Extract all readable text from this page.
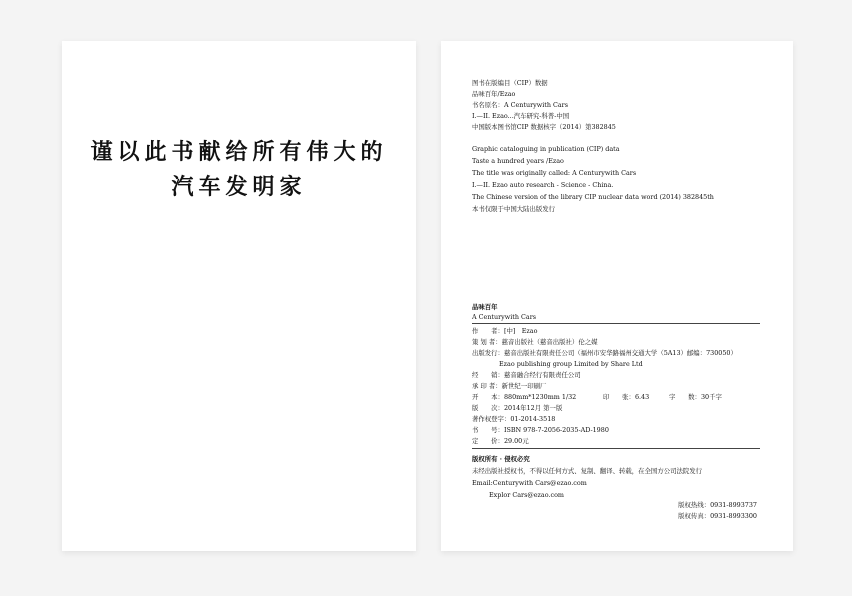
谨以此书献给所有伟大的
汽车发明家
图书在版编目（CIP）数据
品味百年/Ezao
书名原名：A Centurywith Cars
I.—II. Ezao...汽车研究-科普-中国
中国版本图书馆CIP 数据核字（2014）第382845
Graphic cataloguing in publication (CIP) data
Taste a hundred years /Ezao
The title was originally called: A Centurywith Cars
I.—II. Ezao auto research - Science - China.
The Chinese version of the library CIP nuclear data word (2014) 382845th
本书仅限于中国大陆出版发行
品味百年
A Centurywith Cars
作　　者：[中]　Ezao
策 划 者：慈音出版社（慈音出版社）伦之媒
出版发行：慈音出版社有限责任公司（福州市安华路福州交通大学（5A13）邮编：730050）
Ezao publishing group Limited by Share Ltd
经　　销：慈音融合经行有限责任公司
承 印 者：新世纪一印刷厂
开　　本：880mm*1230mm 1/32	印　　张：6.43	字　　数：30千字
版　　次：2014年12月 第一版
著作权登字：01-2014-3518
书　　号：ISBN 978-7-2056-2035-AD-1980
定　　价：29.00元
版权所有 · 侵权必究
未经出版社授权书，不得以任何方式、复制、翻译、转载，在全国方公司法院发行
Email:Centurywith Cars@ezao.com
Explor Cars@ezao.com
版权热线：0931-8993737
版权传真：0931-8993300
